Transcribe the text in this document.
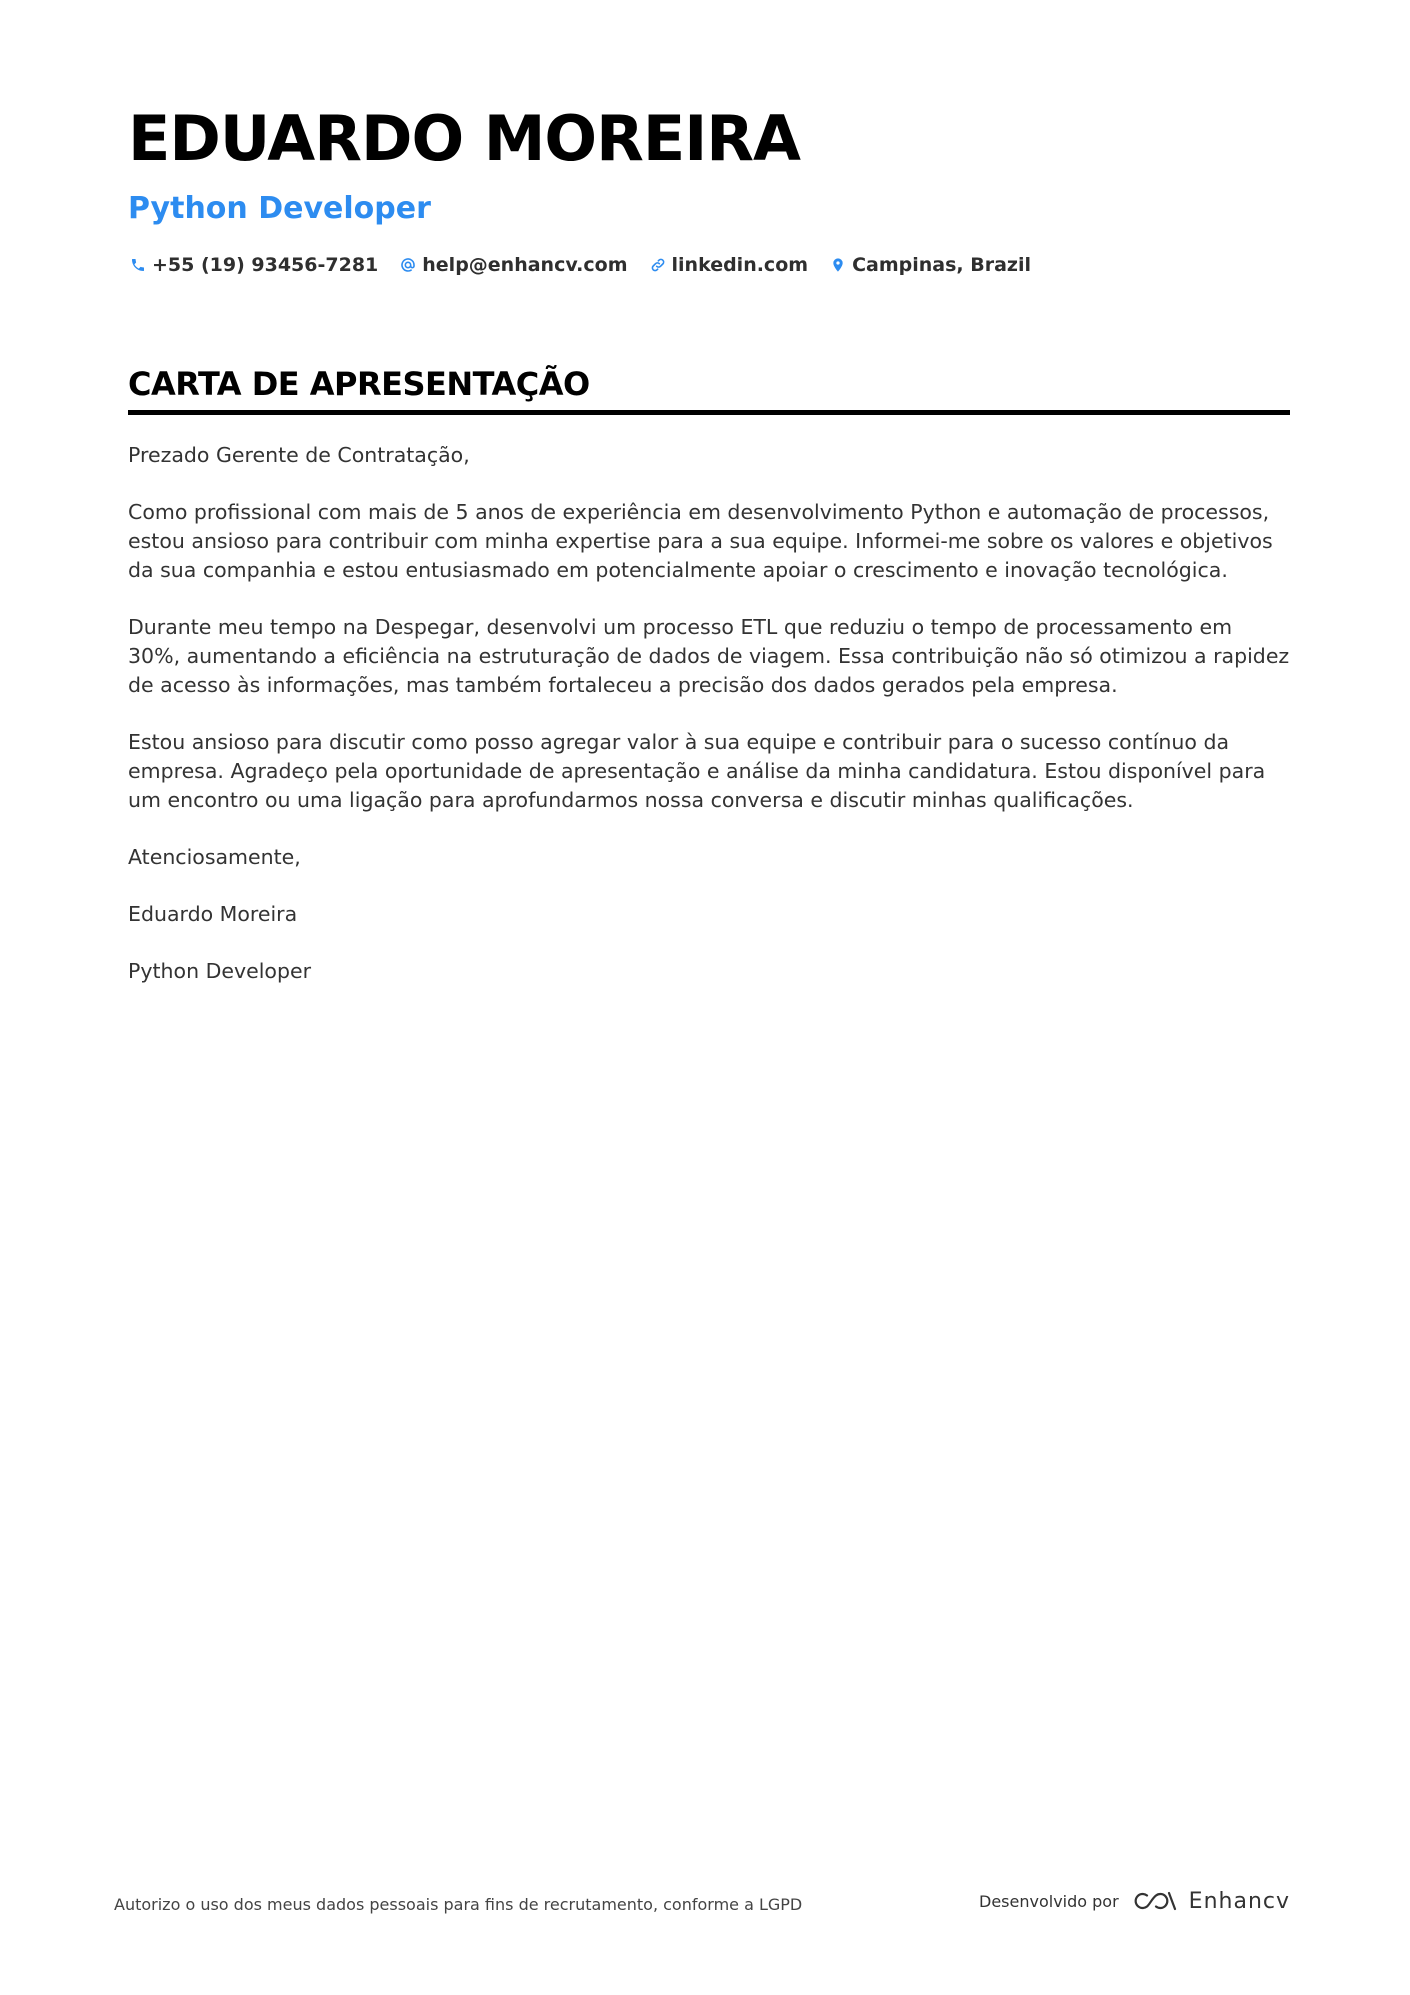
EDUARDO MOREIRA
Python Developer
+55 (19) 93456-7281 help@enhancv.com linkedin.com Campinas, Brazil
CARTA DE APRESENTAÇÃO

Prezado Gerente de Contratação,

Como profissional com mais de 5 anos de experiência em desenvolvimento Python e automação de processos, estou ansioso para contribuir com minha expertise para a sua equipe. Informei-me sobre os valores e objetivos da sua companhia e estou entusiasmado em potencialmente apoiar o crescimento e inovação tecnológica.

Durante meu tempo na Despegar, desenvolvi um processo ETL que reduziu o tempo de processamento em 30%, aumentando a eficiência na estruturação de dados de viagem. Essa contribuição não só otimizou a rapidez de acesso às informações, mas também fortaleceu a precisão dos dados gerados pela empresa.

Estou ansioso para discutir como posso agregar valor à sua equipe e contribuir para o sucesso contínuo da empresa. Agradeço pela oportunidade de apresentação e análise da minha candidatura. Estou disponível para um encontro ou uma ligação para aprofundarmos nossa conversa e discutir minhas qualificações.

Atenciosamente,

Eduardo Moreira

Python Developer

Autorizo o uso dos meus dados pessoais para fins de recrutamento, conforme a LGPD	Desenvolvido por	Enhancv
